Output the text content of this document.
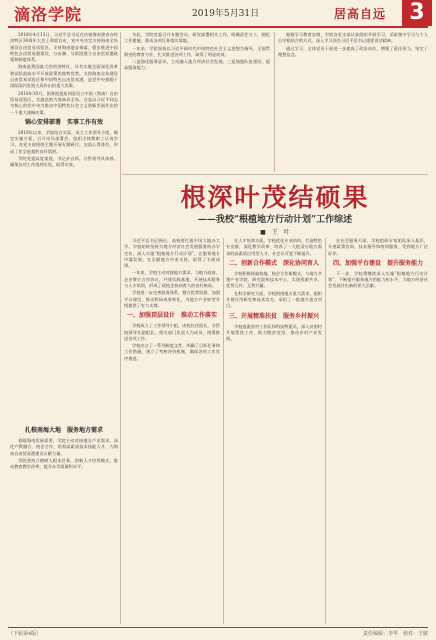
滴洛学院	2019年5月31日	居高自远	3

2018年4月13日，习近平总书记在庆祝海南建省办经济特区30周年大会上郑重宣布，党中央决定支持海南全岛建设自由贸易试验区，支持海南逐步探索、稳步推进中国特色自由贸易港建设，分步骤、分阶段建立自由贸易港政策和制度体系。

海南是我国最大的经济特区，具有实施全面深化改革和试验最高水平开放政策的独特优势。支持海南全岛建设自由贸易试验区和中国特色自由贸易港，是党中央着眼于国际国内发展大局作出的重大决策。

2018年10月，国务院批复同意设立中国（海南）自由贸易试验区，实施范围为海南岛全岛。这是以习近平同志为核心的党中央为推动中国特色社会主义创新发展作出的一个重大战略决策。

锦心安排部署　实事工作有效

2019年以来，学院结合实际，成立工作领导小组，制定实施方案，召开动员部署会，组织全体教职工认真学习。各党支部围绕主题开展专题研讨，交流心得体会，形成了比学赶超的良好氛围。

学院党委高度重视，书记亲自抓，分管领导具体抓，确保各项工作落到实处，取得实效。

扎根南海大地　服务地方需求

着眼海南发展需要，学院主动对接地方产业需求，深化产教融合、校企合作，培养高素质技术技能人才，为海南自由贸易港建设贡献力量。

学院坚持立德树人根本任务，创新人才培养模式，推动教育教学改革，提升办学质量和水平。

为此，学院党委召开专题会议，研究部署相关工作，明确责任分工，细化工作措施，推动各项任务落实落地。

一年来，学院坚持以习近平新时代中国特色社会主义思想为指导，全面贯彻党的教育方针，扎实推进各项工作，取得了明显成效。

二是强化服务意识，主动融入地方经济社会发展。三是加强队伍建设，提高服务能力。

根据学习教育安排，学院各党支部认真组织开展学习，采取集中学习与个人自学相结合的方式，深入学习领会习近平总书记重要讲话精神。

通过学习，全体党员干部进一步提高了政治站位，增强了责任担当，坚定了理想信念。

根深叶茂结硕果
——我校“根植地方行动计划”工作综述
■　王　叶

习近平总书记指出，高校要扎根中国大地办大学。学校始终坚持为地方经济社会发展服务的办学定位，深入实施“根植地方行动计划”，在服务地方中谋发展，在贡献地方中求支持，取得了丰硕成果。

一年来，学校主动对接地方需求，与地方政府、企业签订合作协议，共建实践基地，开展技术服务与人才培训，形成了政校企协同育人的良好格局。

学校进一步完善服务体系，整合优势资源，加强平台建设，推动科研成果转化，为地方产业转型升级提供了有力支撑。

一、加强顶层设计　推动工作落实

学校成立了工作领导小组，由校长任组长，分管校领导任副组长，相关部门负责人为成员，统筹推进各项工作。

学校出台了一系列制度文件，明确了目标任务和工作措施，建立了考核评价机制，确保各项工作有序推进。

在人才培养方面，学校优化专业结构，打造特色专业群，深化教学改革，培养了一大批适应地方需求的高素质应用型人才，社会认可度不断提升。

二、创新合作模式　深化协同育人

学校积极探索校地、校企合作新模式，与地方共建产业学院、研究院和技术中心，实现资源共享、优势互补、互利共赢。

在科学研究方面，学校围绕地方重大需求，组织开展应用研究和技术攻关，承担了一批地方重点项目。

三、开展精准扶贫　服务乡村振兴

学校选派驻村工作队和科技特派员，深入贫困村开展帮扶工作，助力脱贫攻坚，推动乡村产业发展。

在社会服务方面，学校组织专家团队深入基层，开展政策咨询、技术指导和培训服务，受到地方广泛好评。

四、加强平台建设　提升服务能力

下一步，学校将继续深入实施“根植地方行动计划”，不断提升服务地方的能力和水平，为地方经济社会发展作出新的更大贡献。

（下转第4版）	责任编辑：李华　校对：王敏
